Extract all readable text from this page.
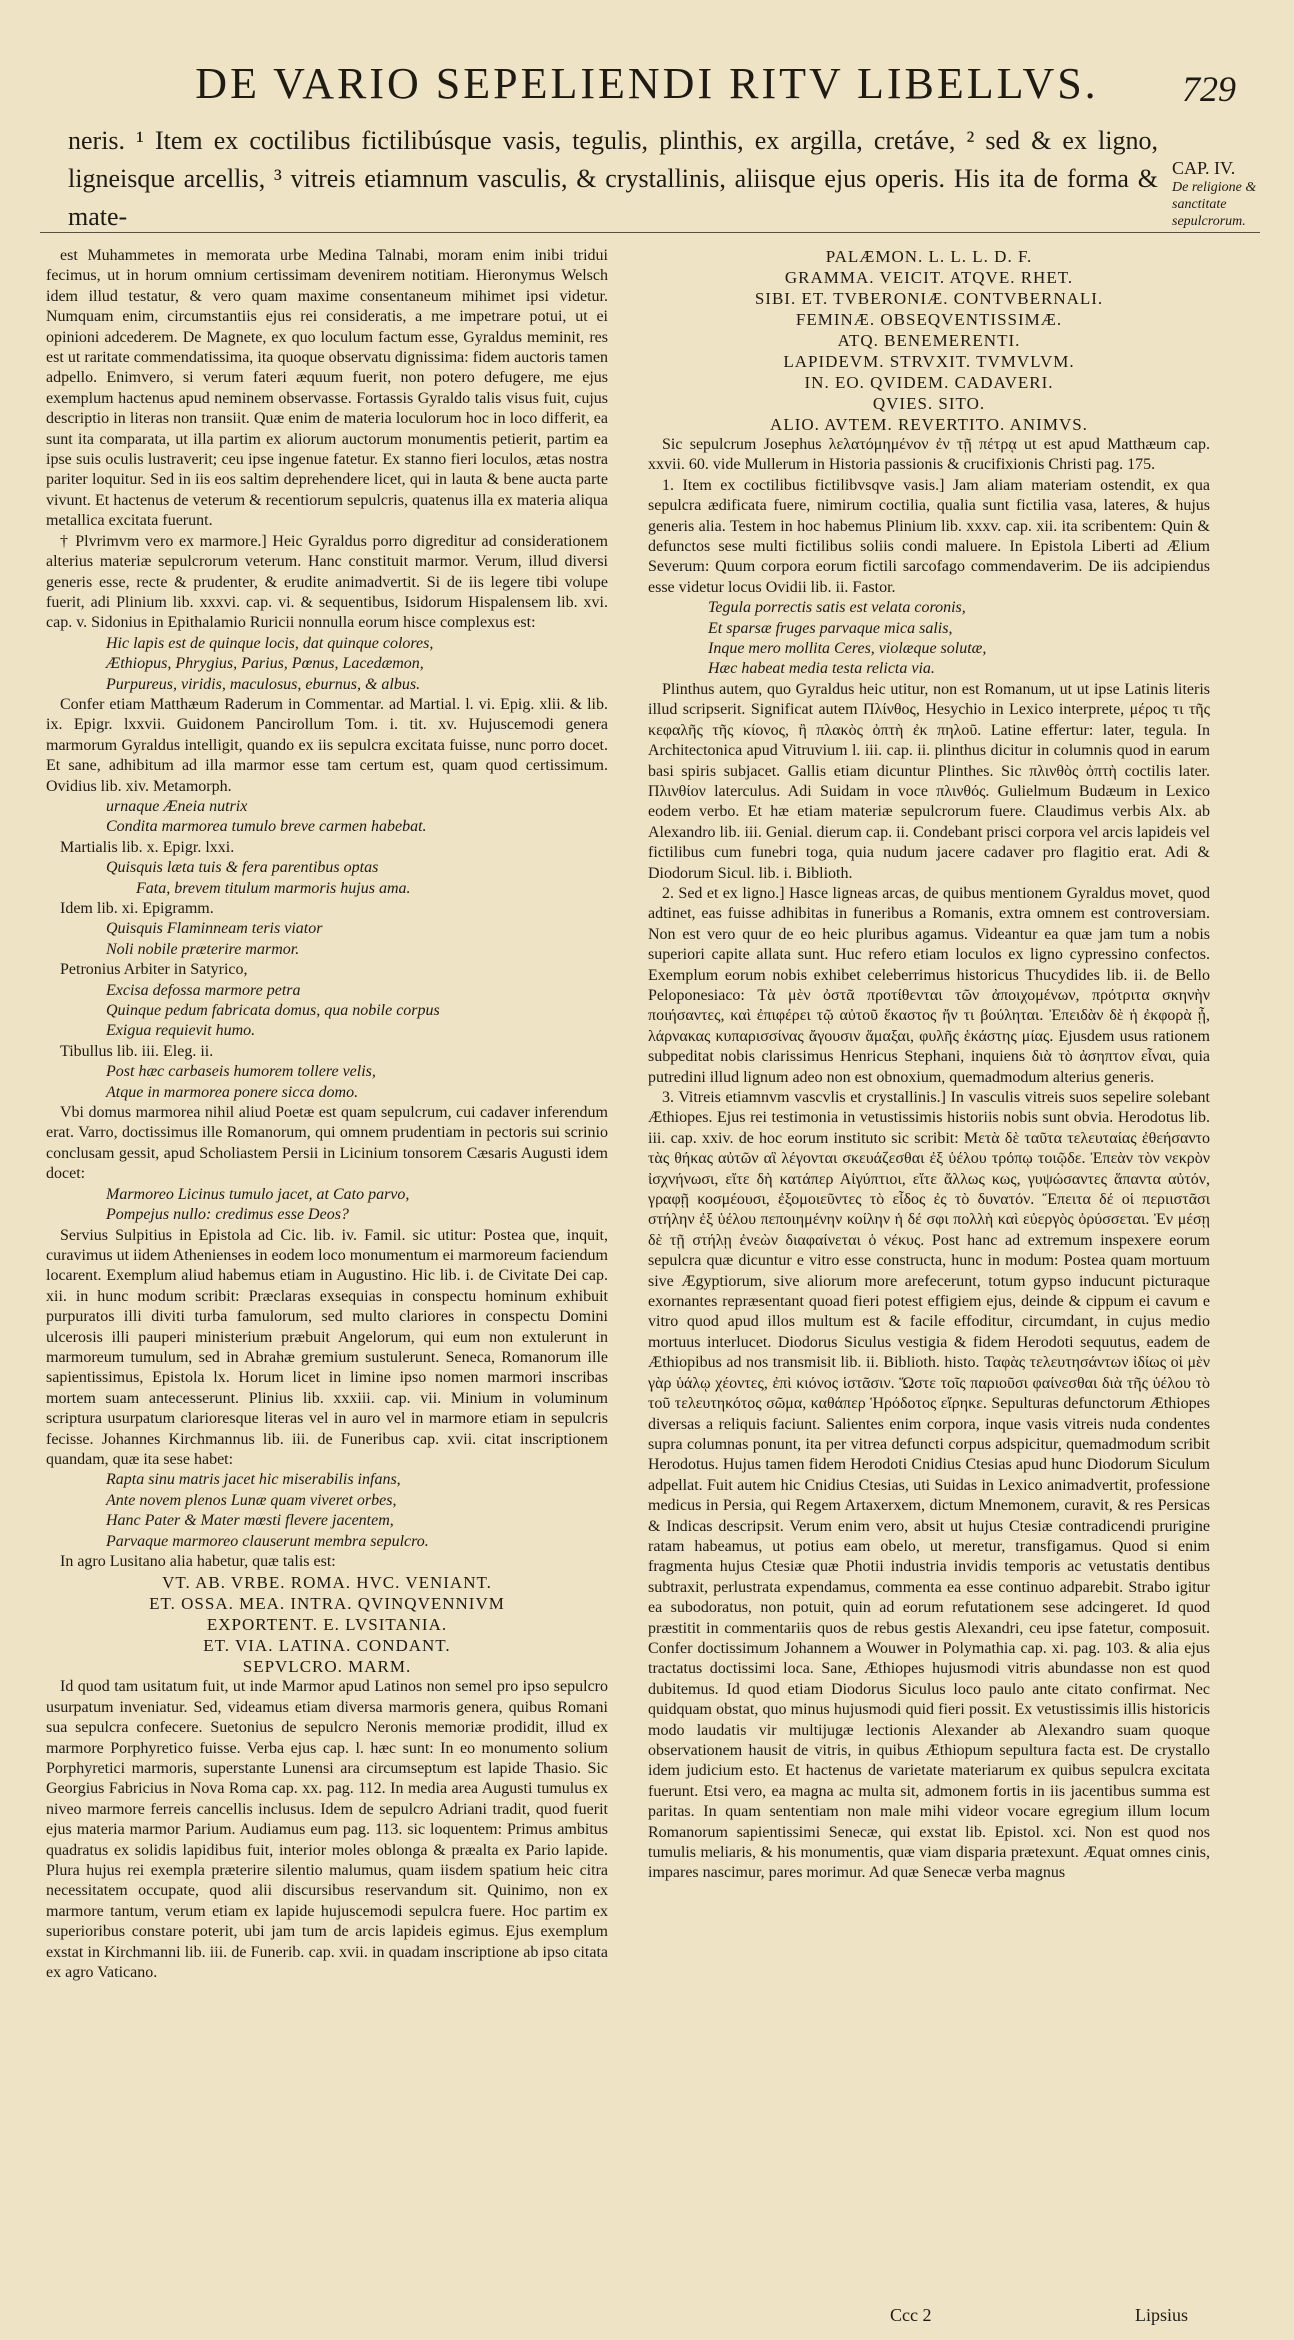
DE VARIO SEPELIENDI RITV LIBELLVS.	729
neris. ¹ Item ex coctilibus fictilibúsque vasis, tegulis, plinthis, ex argilla, cretáve, ² sed & ex ligno, ligneisque arcellis, ³ vitreis etiamnum vasculis, & crystallinis, aliisque ejus operis. His ita de forma & mate-
CAP. IV.
De religione & sanctitate sepulcrorum.

est Muhammetes in memorata urbe Medina Talnabi, moram enim inibi tridui fecimus, ut in horum omnium certissimam devenirem notitiam. Hieronymus Welsch idem illud testatur, & vero quam maxime consentaneum mihimet ipsi videtur. Numquam enim, circumstantiis ejus rei consideratis, a me impetrare potui, ut ei opinioni adcederem. De Magnete, ex quo loculum factum esse, Gyraldus meminit, res est ut raritate commendatissima, ita quoque observatu dignissima: fidem auctoris tamen adpello. Enimvero, si verum fateri æquum fuerit, non potero defugere, me ejus exemplum hactenus apud neminem observasse. Fortassis Gyraldo talis visus fuit, cujus descriptio in literas non transiit. Quæ enim de materia loculorum hoc in loco differit, ea sunt ita comparata, ut illa partim ex aliorum auctorum monumentis petierit, partim ea ipse suis oculis lustraverit; ceu ipse ingenue fatetur. Ex stanno fieri loculos, ætas nostra pariter loquitur. Sed in iis eos saltim deprehendere licet, qui in lauta & bene aucta parte vivunt. Et hactenus de veterum & recentiorum sepulcris, quatenus illa ex materia aliqua metallica excitata fuerunt.

† Plvrimvm vero ex marmore.] Heic Gyraldus porro digreditur ad considerationem alterius materiæ sepulcrorum veterum. Hanc constituit marmor. Verum, illud diversi generis esse, recte & prudenter, & erudite animadvertit. Si de iis legere tibi volupe fuerit, adi Plinium lib. xxxvi. cap. vi. & sequentibus, Isidorum Hispalensem lib. xvi. cap. v. Sidonius in Epithalamio Ruricii nonnulla eorum hisce complexus est:

Hic lapis est de quinque locis, dat quinque colores,
Æthiopus, Phrygius, Parius, Pœnus, Lacedæmon,
Purpureus, viridis, maculosus, eburnus, & albus.

Confer etiam Matthæum Raderum in Commentar. ad Martial. l. vi. Epig. xlii. & lib. ix. Epigr. lxxvii. Guidonem Pancirollum Tom. i. tit. xv. Hujuscemodi genera marmorum Gyraldus intelligit, quando ex iis sepulcra excitata fuisse, nunc porro docet. Et sane, adhibitum ad illa marmor esse tam certum est, quam quod certissimum. Ovidius lib. xiv. Metamorph.

urnaque Æneia nutrix
Condita marmorea tumulo breve carmen habebat.

Martialis lib. x. Epigr. lxxi.

Quisquis læta tuis & fera parentibus optas
Fata, brevem titulum marmoris hujus ama.

Idem lib. xi. Epigramm.

Quisquis Flaminneam teris viator
Noli nobile præterire marmor.

Petronius Arbiter in Satyrico,

Excisa defossa marmore petra
Quinque pedum fabricata domus, qua nobile corpus
Exigua requievit humo.

Tibullus lib. iii. Eleg. ii.

Post hæc carbaseis humorem tollere velis,
Atque in marmorea ponere sicca domo.

Vbi domus marmorea nihil aliud Poetæ est quam sepulcrum, cui cadaver inferendum erat. Varro, doctissimus ille Romanorum, qui omnem prudentiam in pectoris sui scrinio conclusam gessit, apud Scholiastem Persii in Licinium tonsorem Cæsaris Augusti idem docet:

Marmoreo Licinus tumulo jacet, at Cato parvo,
Pompejus nullo: credimus esse Deos?

Servius Sulpitius in Epistola ad Cic. lib. iv. Famil. sic utitur: Postea que, inquit, curavimus ut iidem Athenienses in eodem loco monumentum ei marmoreum faciendum locarent. Exemplum aliud habemus etiam in Augustino. Hic lib. i. de Civitate Dei cap. xii. in hunc modum scribit: Præclaras exsequias in conspectu hominum exhibuit purpuratos illi diviti turba famulorum, sed multo clariores in conspectu Domini ulcerosis illi pauperi ministerium præbuit Angelorum, qui eum non extulerunt in marmoreum tumulum, sed in Abrahæ gremium sustulerunt. Seneca, Romanorum ille sapientissimus, Epistola lx. Horum licet in limine ipso nomen marmori inscribas mortem suam antecesserunt. Plinius lib. xxxiii. cap. vii. Minium in voluminum scriptura usurpatum clarioresque literas vel in auro vel in marmore etiam in sepulcris fecisse. Johannes Kirchmannus lib. iii. de Funeribus cap. xvii. citat inscriptionem quandam, quæ ita sese habet:

Rapta sinu matris jacet hic miserabilis infans,
Ante novem plenos Lunæ quam viveret orbes,
Hanc Pater & Mater mœsti flevere jacentem,
Parvaque marmoreo clauserunt membra sepulcro.

In agro Lusitano alia habetur, quæ talis est:

VT. AB. VRBE. ROMA. HVC. VENIANT.
ET. OSSA. MEA. INTRA. QVINQVENNIVM
EXPORTENT. E. LVSITANIA.
ET. VIA. LATINA. CONDANT.
SEPVLCRO. MARM.

Id quod tam usitatum fuit, ut inde Marmor apud Latinos non semel pro ipso sepulcro usurpatum inveniatur. Sed, videamus etiam diversa marmoris genera, quibus Romani sua sepulcra confecere. Suetonius de sepulcro Neronis memoriæ prodidit, illud ex marmore Porphyretico fuisse. Verba ejus cap. l. hæc sunt: In eo monumento solium Porphyretici marmoris, superstante Lunensi ara circumseptum est lapide Thasio. Sic Georgius Fabricius in Nova Roma cap. xx. pag. 112. In media area Augusti tumulus ex niveo marmore ferreis cancellis inclusus. Idem de sepulcro Adriani tradit, quod fuerit ejus materia marmor Parium. Audiamus eum pag. 113. sic loquentem: Primus ambitus quadratus ex solidis lapidibus fuit, interior moles oblonga & præalta ex Pario lapide. Plura hujus rei exempla præterire silentio malumus, quam iisdem spatium heic citra necessitatem occupate, quod alii discursibus reservandum sit. Quinimo, non ex marmore tantum, verum etiam ex lapide hujuscemodi sepulcra fuere. Hoc partim ex superioribus constare poterit, ubi jam tum de arcis lapideis egimus. Ejus exemplum exstat in Kirchmanni lib. iii. de Funerib. cap. xvii. in quadam inscriptione ab ipso citata ex agro Vaticano.

PALÆMON. L. L. L. D. F.
GRAMMA. VEICIT. ATQVE. RHET.
SIBI. ET. TVBERONIÆ. CONTVBERNALI.
FEMINÆ. OBSEQVENTISSIMÆ.
ATQ. BENEMERENTI.
LAPIDEVM. STRVXIT. TVMVLVM.
IN. EO. QVIDEM. CADAVERI.
QVIES. SITO.
ALIO. AVTEM. REVERTITO. ANIMVS.

Sic sepulcrum Josephus λελατόμημένον ἐν τῇ πέτρᾳ ut est apud Matthæum cap. xxvii. 60. vide Mullerum in Historia passionis & crucifixionis Christi pag. 175.

1. Item ex coctilibus fictilibvsqve vasis.] Jam aliam materiam ostendit, ex qua sepulcra ædificata fuere, nimirum coctilia, qualia sunt fictilia vasa, lateres, & hujus generis alia. Testem in hoc habemus Plinium lib. xxxv. cap. xii. ita scribentem: Quin & defunctos sese multi fictilibus soliis condi maluere. In Epistola Liberti ad Ælium Severum: Quum corpora eorum fictili sarcofago commendaverim. De iis adcipiendus esse videtur locus Ovidii lib. ii. Fastor.

Tegula porrectis satis est velata coronis,
Et sparsæ fruges parvaque mica salis,
Inque mero mollita Ceres, violæque solutæ,
Hæc habeat media testa relicta via.

Plinthus autem, quo Gyraldus heic utitur, non est Romanum, ut ut ipse Latinis literis illud scripserit. Significat autem Πλίνθος, Hesychio in Lexico interprete, μέρος τι τῆς κεφαλῆς τῆς κίονος, ἢ πλακὸς ὀπτὴ ἐκ πηλοῦ. Latine effertur: later, tegula. In Architectonica apud Vitruvium l. iii. cap. ii. plinthus dicitur in columnis quod in earum basi spiris subjacet. Gallis etiam dicuntur Plinthes. Sic πλινθὸς ὀπτὴ coctilis later. Πλινθίον laterculus. Adi Suidam in voce πλινθός. Gulielmum Budæum in Lexico eodem verbo. Et hæ etiam materiæ sepulcrorum fuere. Claudimus verbis Alx. ab Alexandro lib. iii. Genial. dierum cap. ii. Condebant prisci corpora vel arcis lapideis vel fictilibus cum funebri toga, quia nudum jacere cadaver pro flagitio erat. Adi & Diodorum Sicul. lib. i. Biblioth.

2. Sed et ex ligno.] Hasce ligneas arcas, de quibus mentionem Gyraldus movet, quod adtinet, eas fuisse adhibitas in funeribus a Romanis, extra omnem est controversiam. Non est vero quur de eo heic pluribus agamus. Videantur ea quæ jam tum a nobis superiori capite allata sunt. Huc refero etiam loculos ex ligno cypressino confectos. Exemplum eorum nobis exhibet celeberrimus historicus Thucydides lib. ii. de Bello Peloponesiaco: Τὰ μὲν ὀστᾶ προτίθενται τῶν ἀποιχομένων, πρότριτα σκηνὴν ποιήσαντες, καὶ ἐπιφέρει τῷ αὐτοῦ ἕκαστος ἤν τι βούληται. Ἐπειδὰν δὲ ἡ ἐκφορὰ ᾖ, λάρνακας κυπαρισσίνας ἄγουσιν ἅμαξαι, φυλῆς ἑκάστης μίας. Ejusdem usus rationem subpeditat nobis clarissimus Henricus Stephani, inquiens διὰ τὸ ἀσηπτον εἶναι, quia putredini illud lignum adeo non est obnoxium, quemadmodum alterius generis.

3. Vitreis etiamnvm vascvlis et crystallinis.] In vasculis vitreis suos sepelire solebant Æthiopes. Ejus rei testimonia in vetustissimis historiis nobis sunt obvia. Herodotus lib. iii. cap. xxiv. de hoc eorum instituto sic scribit: Μετὰ δὲ ταῦτα τελευταίας ἐθεήσαντο τὰς θήκας αὐτῶν αἳ λέγονται σκευάζεσθαι ἐξ ὑέλου τρόπῳ τοιῷδε. Ἐπεὰν τὸν νεκρὸν ἰσχνήνωσι, εἴτε δὴ κατάπερ Αἰγύπτιοι, εἴτε ἄλλως κως, γυψώσαντες ἅπαντα αὐτόν, γραφῇ κοσμέουσι, ἐξομοιεῦντες τὸ εἶδος ἐς τὸ δυνατόν. Ἔπειτα δέ οἱ περιιστᾶσι στήλην ἐξ ὑέλου πεποιημένην κοίλην ἡ δέ σφι πολλὴ καὶ εὐεργὸς ὀρύσσεται. Ἐν μέσῃ δὲ τῇ στήλῃ ἐνεὼν διαφαίνεται ὁ νέκυς. Post hanc ad extremum inspexere eorum sepulcra quæ dicuntur e vitro esse constructa, hunc in modum: Postea quam mortuum sive Ægyptiorum, sive aliorum more arefecerunt, totum gypso inducunt picturaque exornantes repræsentant quoad fieri potest effigiem ejus, deinde & cippum ei cavum e vitro quod apud illos multum est & facile effoditur, circumdant, in cujus medio mortuus interlucet. Diodorus Siculus vestigia & fidem Herodoti sequutus, eadem de Æthiopibus ad nos transmisit lib. ii. Biblioth. histo. Ταφὰς τελευτησάντων ἰδίως οἱ μὲν γὰρ ὑάλῳ χέοντες, ἐπὶ κιόνος ἱστᾶσιν. Ὥστε τοῖς παριοῦσι φαίνεσθαι διὰ τῆς ὑέλου τὸ τοῦ τελευτηκότος σῶμα, καθάπερ Ἡρόδοτος εἴρηκε. Sepulturas defunctorum Æthiopes diversas a reliquis faciunt. Salientes enim corpora, inque vasis vitreis nuda condentes supra columnas ponunt, ita per vitrea defuncti corpus adspicitur, quemadmodum scribit Herodotus. Hujus tamen fidem Herodoti Cnidius Ctesias apud hunc Diodorum Siculum adpellat. Fuit autem hic Cnidius Ctesias, uti Suidas in Lexico animadvertit, professione medicus in Persia, qui Regem Artaxerxem, dictum Mnemonem, curavit, & res Persicas & Indicas descripsit. Verum enim vero, absit ut hujus Ctesiæ contradicendi prurigine ratam habeamus, ut potius eam obelo, ut meretur, transfigamus. Quod si enim fragmenta hujus Ctesiæ quæ Photii industria invidis temporis ac vetustatis dentibus subtraxit, perlustrata expendamus, commenta ea esse continuo adparebit. Strabo igitur ea subodoratus, non potuit, quin ad eorum refutationem sese adcingeret. Id quod præstitit in commentariis quos de rebus gestis Alexandri, ceu ipse fatetur, composuit. Confer doctissimum Johannem a Wouwer in Polymathia cap. xi. pag. 103. & alia ejus tractatus doctissimi loca. Sane, Æthiopes hujusmodi vitris abundasse non est quod dubitemus. Id quod etiam Diodorus Siculus loco paulo ante citato confirmat. Nec quidquam obstat, quo minus hujusmodi quid fieri possit. Ex vetustissimis illis historicis modo laudatis vir multijugæ lectionis Alexander ab Alexandro suam quoque observationem hausit de vitris, in quibus Æthiopum sepultura facta est. De crystallo idem judicium esto. Et hactenus de varietate materiarum ex quibus sepulcra excitata fuerunt. Etsi vero, ea magna ac multa sit, admonem fortis in iis jacentibus summa est paritas. In quam sententiam non male mihi videor vocare egregium illum locum Romanorum sapientissimi Senecæ, qui exstat lib. Epistol. xci. Non est quod nos tumulis meliaris, & his monumentis, quæ viam disparia prætexunt. Æquat omnes cinis, impares nascimur, pares morimur. Ad quæ Senecæ verba magnus

Ccc 2	Lipsius
